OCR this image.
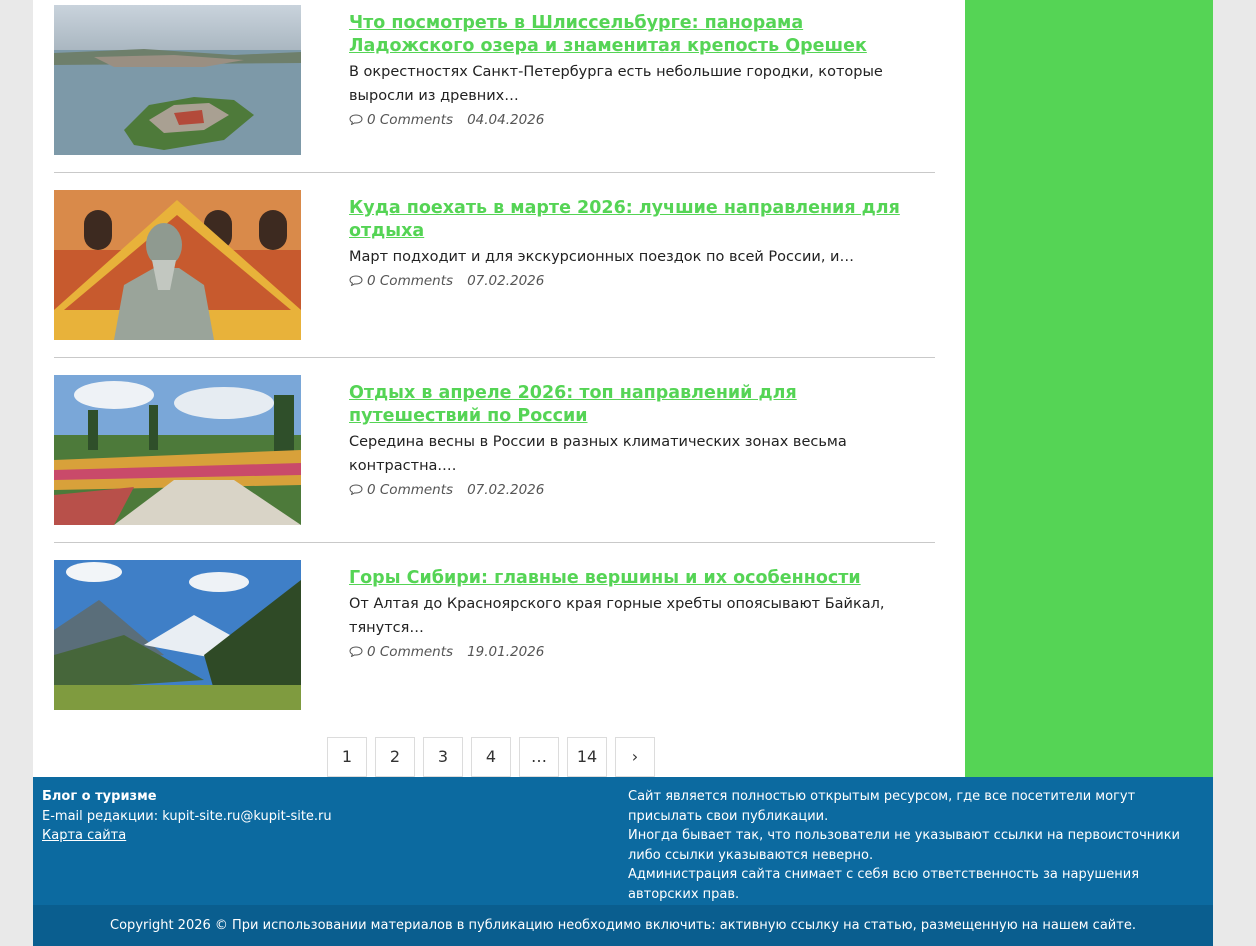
Что посмотреть в Шлиссельбурге: панорама Ладожского озера и знаменитая крепость Орешек
В окрестностях Санкт-Петербурга есть небольшие городки, которые выросли из древних…
0 Comments 04.04.2026
Куда поехать в марте 2026: лучшие направления для отдыха
Март подходит и для экскурсионных поездок по всей России, и…
0 Comments 07.02.2026
Отдых в апреле 2026: топ направлений для путешествий по России
Середина весны в России в разных климатических зонах весьма контрастна.…
0 Comments 07.02.2026
Горы Сибири: главные вершины и их особенности
От Алтая до Красноярского края горные хребты опоясывают Байкал, тянутся…
0 Comments 19.01.2026
1	2	3	4	…	14	›
Блог о туризме
E-mail редакции: kupit-site.ru@kupit-site.ru
Карта сайта
Сайт является полностью открытым ресурсом, где все посетители могут присылать свои публикации.
Иногда бывает так, что пользователи не указывают ссылки на первоисточники либо ссылки указываются неверно.
Администрация сайта снимает с себя всю ответственность за нарушения авторских прав.
Copyright 2026 © При использовании материалов в публикацию необходимо включить: активную ссылку на статью, размещенную на нашем сайте.
